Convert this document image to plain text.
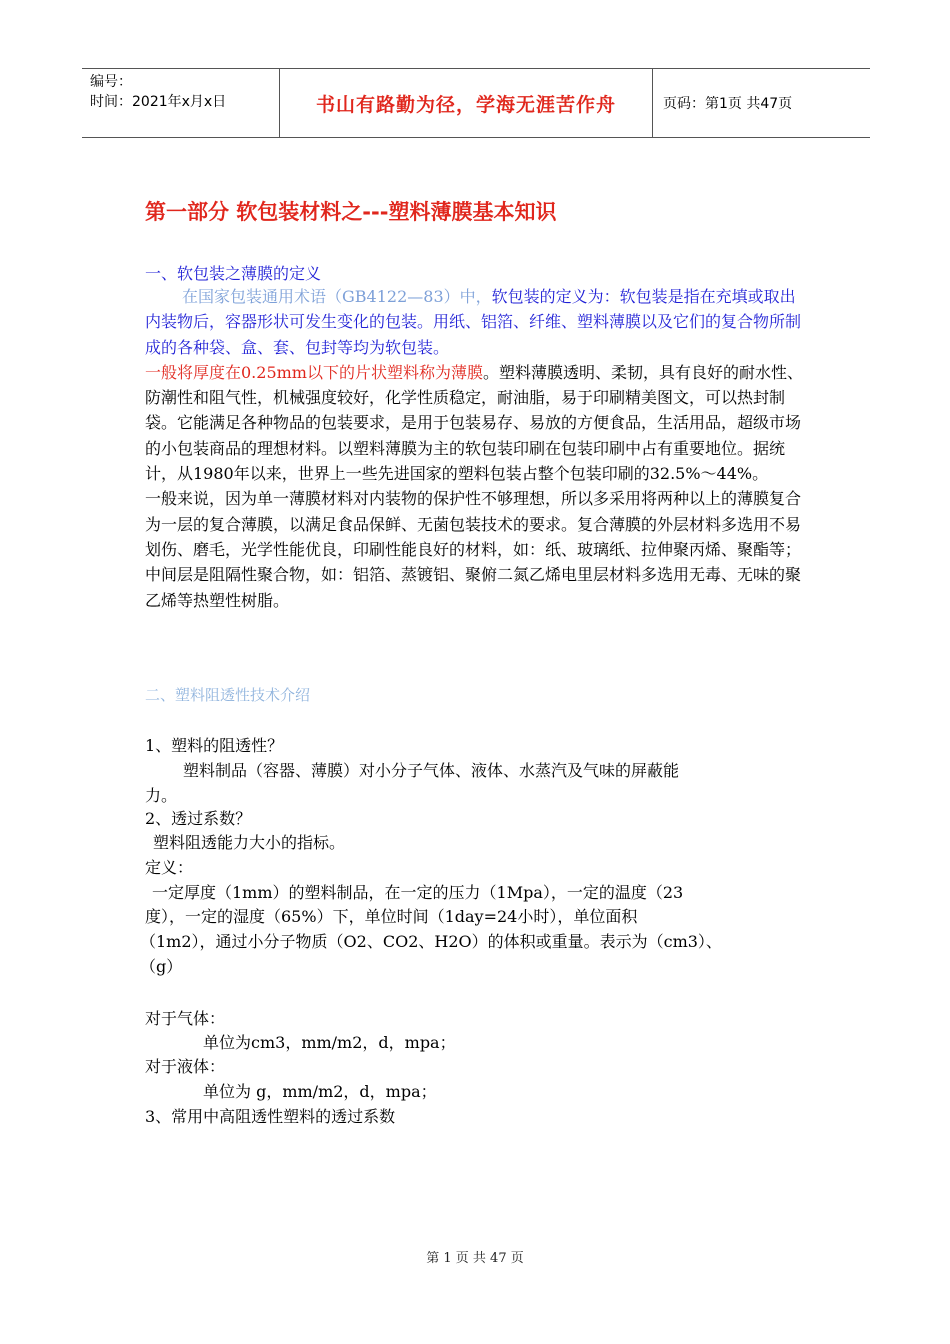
编号：
时间：2021年x月x日	书山有路勤为径，学海无涯苦作舟	页码：第1页 共47页
第一部分 软包装材料之---塑料薄膜基本知识
一、软包装之薄膜的定义

在国家包装通用术语（GB4122—83）中，软包装的定义为：软包装是指在充填或取出内装物后，容器形状可发生变化的包装。用纸、铝箔、纤维、塑料薄膜以及它们的复合物所制成的各种袋、盒、套、包封等均为软包装。
一般将厚度在0.25mm以下的片状塑料称为薄膜。塑料薄膜透明、柔韧，具有良好的耐水性、防潮性和阻气性，机械强度较好，化学性质稳定，耐油脂，易于印刷精美图文，可以热封制袋。它能满足各种物品的包装要求，是用于包装易存、易放的方便食品，生活用品，超级市场的小包装商品的理想材料。以塑料薄膜为主的软包装印刷在包装印刷中占有重要地位。据统计，从1980年以来，世界上一些先进国家的塑料包装占整个包装印刷的32.5%～44%。
一般来说，因为单一薄膜材料对内装物的保护性不够理想，所以多采用将两种以上的薄膜复合为一层的复合薄膜，以满足食品保鲜、无菌包装技术的要求。复合薄膜的外层材料多选用不易划伤、磨毛，光学性能优良，印刷性能良好的材料，如：纸、玻璃纸、拉伸聚丙烯、聚酯等；中间层是阻隔性聚合物，如：铝箔、蒸镀铝、聚俯二氮乙烯电里层材料多选用无毒、无味的聚乙烯等热塑性树脂。

二、塑料阻透性技术介绍

1、塑料的阻透性？

塑料制品（容器、薄膜）对小分子气体、液体、水蒸汽及气味的屏蔽能

力。

2、透过系数？

塑料阻透能力大小的指标。

定义：

一定厚度（1mm）的塑料制品，在一定的压力（1Mpa），一定的温度（23

度），一定的湿度（65%）下，单位时间（1day=24小时），单位面积

（1m2），通过小分子物质（O2、CO2、H2O）的体积或重量。表示为（cm3）、

（g）

对于气体：

单位为cm3，mm/m2，d，mpa；

对于液体：

单位为 g，mm/m2，d，mpa；

3、常用中高阻透性塑料的透过系数

第 1 页 共 47 页
